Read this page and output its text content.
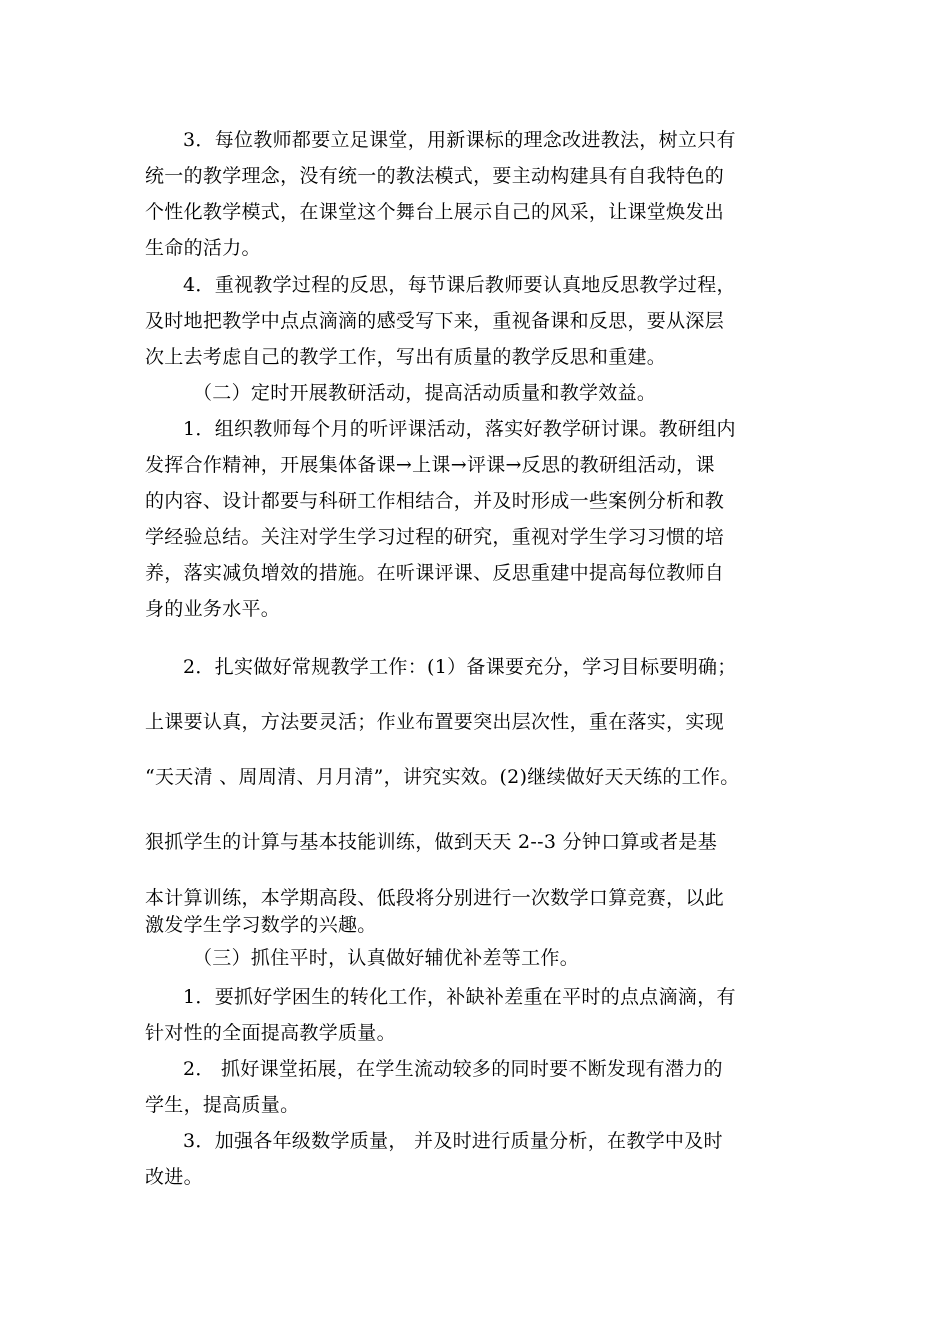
3．每位教师都要立足课堂，用新课标的理念改进教法，树立只有
统一的教学理念，没有统一的教法模式，要主动构建具有自我特色的
个性化教学模式，在课堂这个舞台上展示自己的风采，让课堂焕发出
生命的活力。
4．重视教学过程的反思，每节课后教师要认真地反思教学过程，
及时地把教学中点点滴滴的感受写下来，重视备课和反思，要从深层
次上去考虑自己的教学工作，写出有质量的教学反思和重建。
（二）定时开展教研活动，提高活动质量和教学效益。
1．组织教师每个月的听评课活动，落实好教学研讨课。教研组内
发挥合作精神，开展集体备课→上课→评课→反思的教研组活动，课
的内容、设计都要与科研工作相结合，并及时形成一些案例分析和教
学经验总结。关注对学生学习过程的研究，重视对学生学习习惯的培
养，落实减负增效的措施。在听课评课、反思重建中提高每位教师自
身的业务水平。
2．扎实做好常规教学工作：(1）备课要充分，学习目标要明确；
上课要认真，方法要灵活；作业布置要突出层次性，重在落实，实现
“天天清 、周周清、月月清”，讲究实效。(2)继续做好天天练的工作。
狠抓学生的计算与基本技能训练，做到天天 2--3 分钟口算或者是基
本计算训练，本学期高段、低段将分别进行一次数学口算竞赛，以此
激发学生学习数学的兴趣。
（三）抓住平时，认真做好辅优补差等工作。
1．要抓好学困生的转化工作，补缺补差重在平时的点点滴滴，有
针对性的全面提高教学质量。
2． 抓好课堂拓展，在学生流动较多的同时要不断发现有潜力的
学生，提高质量。
3．加强各年级数学质量， 并及时进行质量分析，在教学中及时
改进。
